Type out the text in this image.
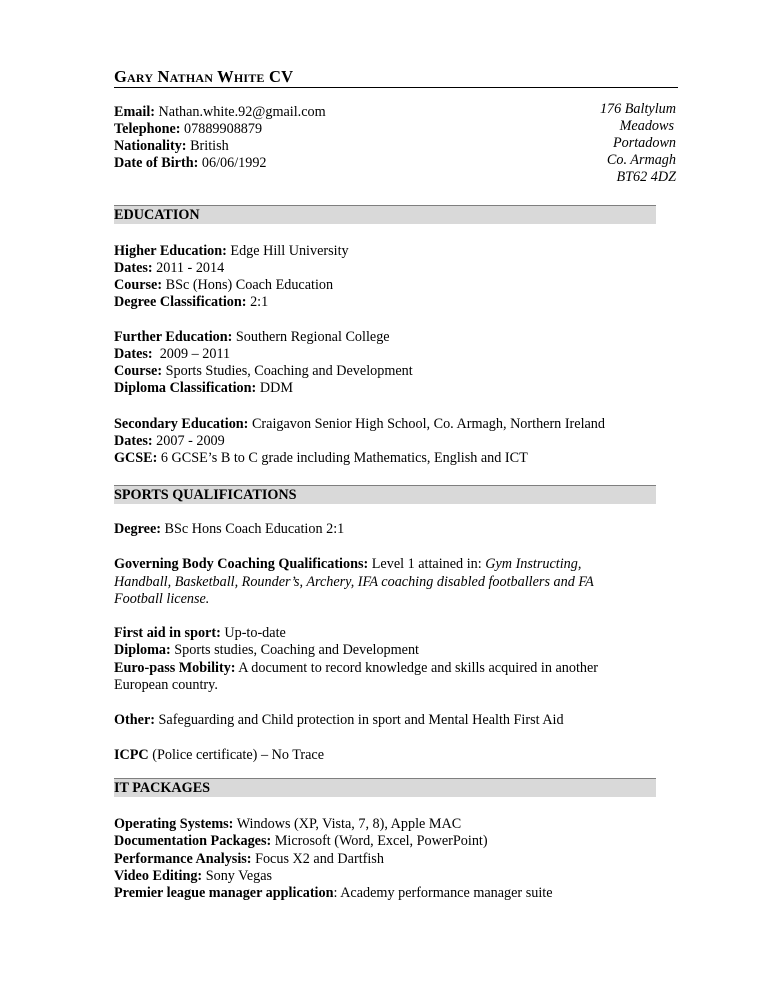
Gary Nathan White CV
Email: Nathan.white.92@gmail.com
Telephone: 07889908879
Nationality: British
Date of Birth: 06/06/1992
176 Baltylum
Meadows
Portadown
Co. Armagh
BT62 4DZ
EDUCATION
Higher Education: Edge Hill University
Dates: 2011 - 2014
Course: BSc (Hons) Coach Education
Degree Classification: 2:1
Further Education: Southern Regional College
Dates:  2009 – 2011
Course: Sports Studies, Coaching and Development
Diploma Classification: DDM
Secondary Education: Craigavon Senior High School, Co. Armagh, Northern Ireland
Dates: 2007 - 2009
GCSE: 6 GCSE’s B to C grade including Mathematics, English and ICT
SPORTS QUALIFICATIONS
Degree: BSc Hons Coach Education 2:1
Governing Body Coaching Qualifications: Level 1 attained in: Gym Instructing,
Handball, Basketball, Rounder’s, Archery, IFA coaching disabled footballers and FA
Football license.
First aid in sport: Up-to-date
Diploma: Sports studies, Coaching and Development
Euro-pass Mobility: A document to record knowledge and skills acquired in another
European country.
Other: Safeguarding and Child protection in sport and Mental Health First Aid
ICPC (Police certificate) – No Trace
IT PACKAGES
Operating Systems: Windows (XP, Vista, 7, 8), Apple MAC
Documentation Packages: Microsoft (Word, Excel, PowerPoint)
Performance Analysis: Focus X2 and Dartfish
Video Editing: Sony Vegas
Premier league manager application: Academy performance manager suite
